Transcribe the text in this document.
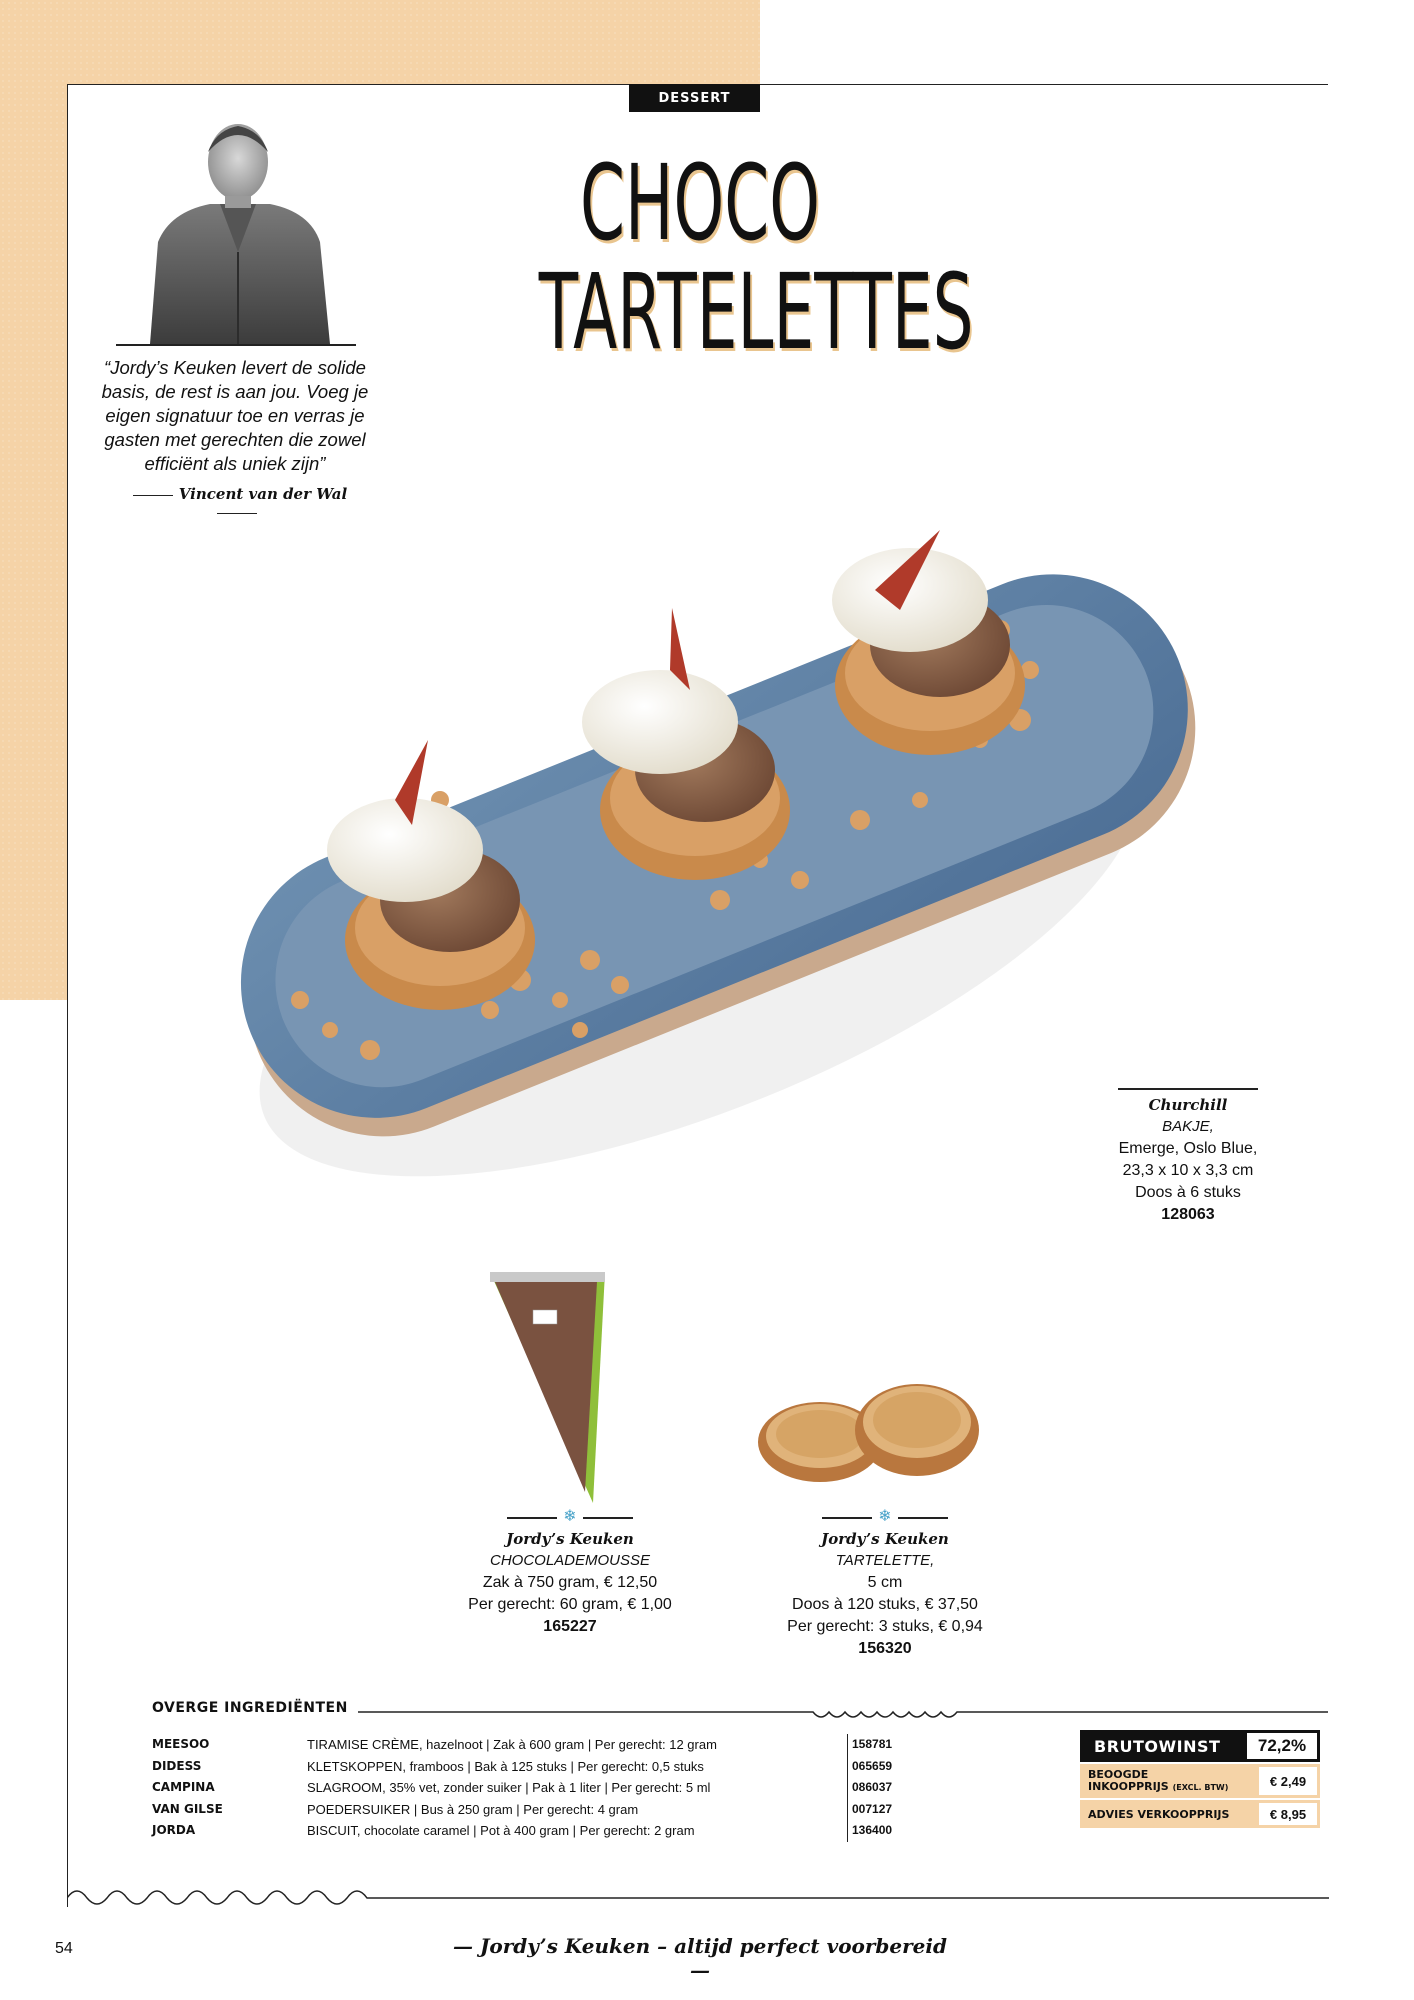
DESSERT
CHOCO
TARTELETTES

“Jordy’s Keuken levert de solide basis, de rest is aan jou. Voeg je eigen signatuur toe en verras je gasten met gerechten die zowel efficiënt als uniek zijn”

Vincent van der Wal
Churchill
BAKJE,
Emerge, Oslo Blue,
23,3 x 10 x 3,3 cm
Doos à 6 stuks
128063
❄
Jordy’s Keuken
CHOCOLADEMOUSSE
Zak à 750 gram, € 12,50
Per gerecht: 60 gram, € 1,00
165227
❄
Jordy’s Keuken
TARTELETTE,
5 cm
Doos à 120 stuks, € 37,50
Per gerecht: 3 stuks, € 0,94
156320
OVERGE INGREDIËNTEN
MEESOO	TIRAMISE CRÈME, hazelnoot | Zak à 600 gram | Per gerecht: 12 gram	158781
DIDESS	KLETSKOPPEN, framboos | Bak à 125 stuks | Per gerecht: 0,5 stuks	065659
CAMPINA	SLAGROOM, 35% vet, zonder suiker | Pak à 1 liter | Per gerecht: 5 ml	086037
VAN GILSE	POEDERSUIKER | Bus à 250 gram | Per gerecht: 4 gram	007127
JORDA	BISCUIT, chocolate caramel | Pot à 400 gram | Per gerecht: 2 gram	136400
BRUTOWINST	72,2%
BEOOGDE
INKOOPPRIJS (EXCL. BTW)	€ 2,49
ADVIES VERKOOPPRIJS	€ 8,95
54	— Jordy’s Keuken – altijd perfect voorbereid —
